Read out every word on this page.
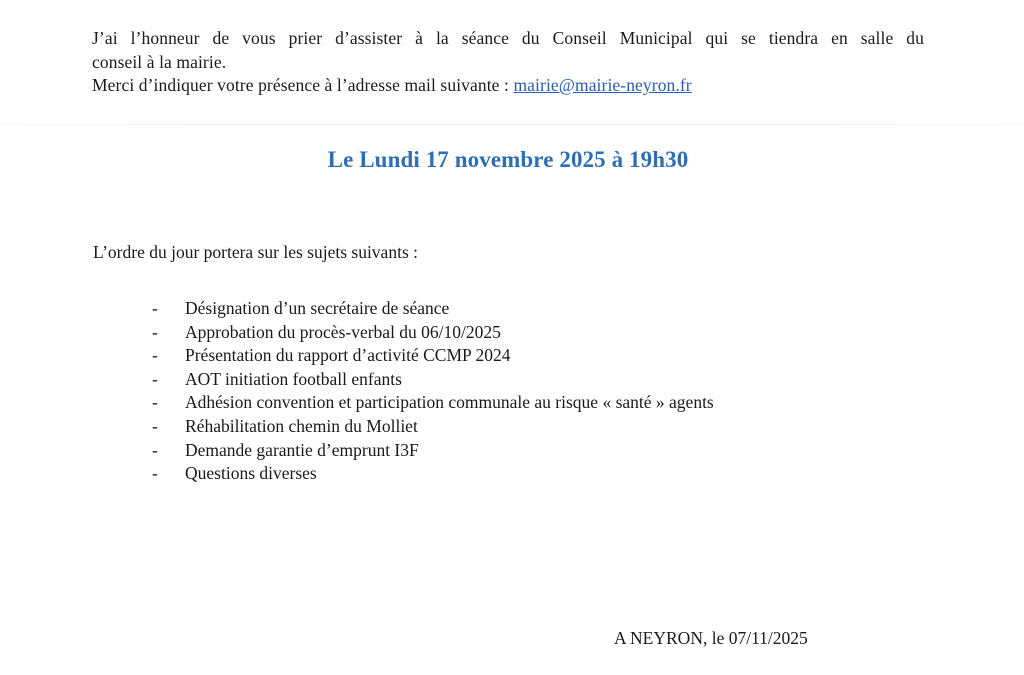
J’ai l’honneur de vous prier d’assister à la séance du Conseil Municipal qui se tiendra en salle du

conseil à la mairie.

Merci d’indiquer votre présence à l’adresse mail suivante : mairie@mairie-neyron.fr

Le Lundi 17 novembre 2025 à 19h30
L’ordre du jour portera sur les sujets suivants :
- Désignation d’un secrétaire de séance
- Approbation du procès-verbal du 06/10/2025
- Présentation du rapport d’activité CCMP 2024
- AOT initiation football enfants
- Adhésion convention et participation communale au risque « santé » agents
- Réhabilitation chemin du Molliet
- Demande garantie d’emprunt I3F
- Questions diverses
A NEYRON, le 07/11/2025
